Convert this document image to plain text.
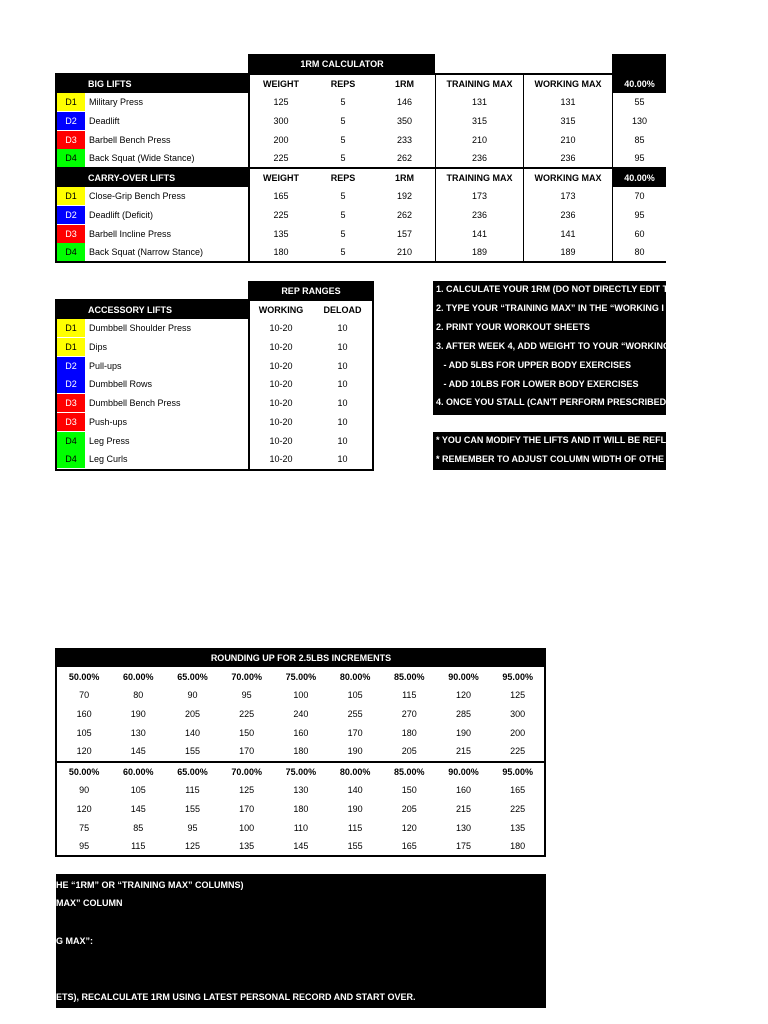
1RM CALCULATOR
BIG LIFTS	WEIGHT	REPS	1RM	TRAINING MAX	WORKING MAX	40.00%
D1	Military Press	125	5	146	131	131	55
D2	Deadlift	300	5	350	315	315	130
D3	Barbell Bench Press	200	5	233	210	210	85
D4	Back Squat (Wide Stance)	225	5	262	236	236	95
CARRY-OVER LIFTS	WEIGHT	REPS	1RM	TRAINING MAX	WORKING MAX	40.00%
D1	Close-Grip Bench Press	165	5	192	173	173	70
D2	Deadlift (Deficit)	225	5	262	236	236	95
D3	Barbell Incline Press	135	5	157	141	141	60
D4	Back Squat (Narrow Stance)	180	5	210	189	189	80
REP RANGES
ACCESSORY LIFTS	WORKING	DELOAD
D1	Dumbbell Shoulder Press	10-20	10
D1	Dips	10-20	10
D2	Pull-ups	10-20	10
D2	Dumbbell Rows	10-20	10
D3	Dumbbell Bench Press	10-20	10
D3	Push-ups	10-20	10
D4	Leg Press	10-20	10
D4	Leg Curls	10-20	10
1. CALCULATE YOUR 1RM (DO NOT DIRECTLY EDIT T
2. TYPE YOUR “TRAINING MAX” IN THE “WORKING I
2. PRINT YOUR WORKOUT SHEETS
3. AFTER WEEK 4, ADD WEIGHT TO YOUR “WORKING
- ADD 5LBS FOR UPPER BODY EXERCISES
- ADD 10LBS FOR LOWER BODY EXERCISES
4. ONCE YOU STALL (CAN'T PERFORM PRESCRIBED S
* YOU CAN MODIFY THE LIFTS AND IT WILL BE REFLI
* REMEMBER TO ADJUST COLUMN WIDTH OF OTHE
ROUNDING UP FOR 2.5LBS INCREMENTS
50.00%	60.00%	65.00%	70.00%	75.00%	80.00%	85.00%	90.00%	95.00%
70	80	90	95	100	105	115	120	125
160	190	205	225	240	255	270	285	300
105	130	140	150	160	170	180	190	200
120	145	155	170	180	190	205	215	225
50.00%	60.00%	65.00%	70.00%	75.00%	80.00%	85.00%	90.00%	95.00%
90	105	115	125	130	140	150	160	165
120	145	155	170	180	190	205	215	225
75	85	95	100	110	115	120	130	135
95	115	125	135	145	155	165	175	180
HE “1RM” OR “TRAINING MAX” COLUMNS)
MAX” COLUMN
G MAX”:
ETS), RECALCULATE 1RM USING LATEST PERSONAL RECORD AND START OVER.
